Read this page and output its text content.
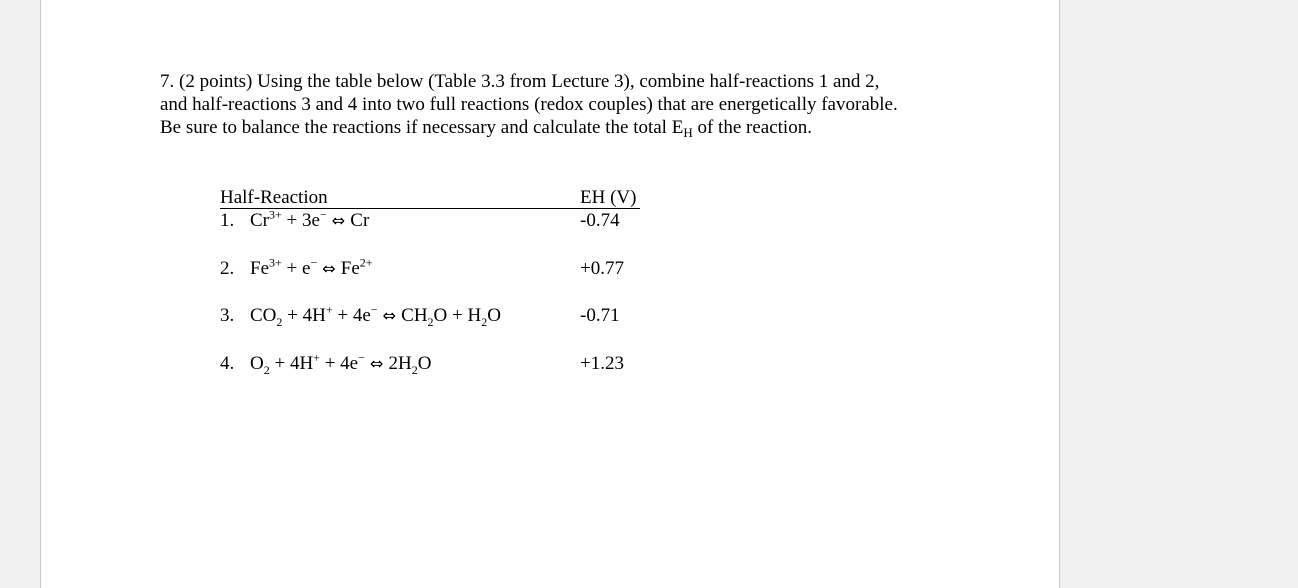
7. (2 points) Using the table below (Table 3.3 from Lecture 3), combine half-reactions 1 and 2,

and half-reactions 3 and 4 into two full reactions (redox couples) that are energetically favorable.

Be sure to balance the reactions if necessary and calculate the total $E_H$ of the reaction.

Half-Reaction	EH (V)
1. $Cr^{3+} + 3e^-$ ⇔ Cr	-0.74
2. $Fe^{3+} + e^-$ ⇔ $Fe^{2+}$	+0.77
3. $CO_2 + 4H^+ + 4e^-$ ⇔ $CH_2O + H_2O$	-0.71
4. $O_2 + 4H^+ + 4e^-$ ⇔ $2H_2O$	+1.23
